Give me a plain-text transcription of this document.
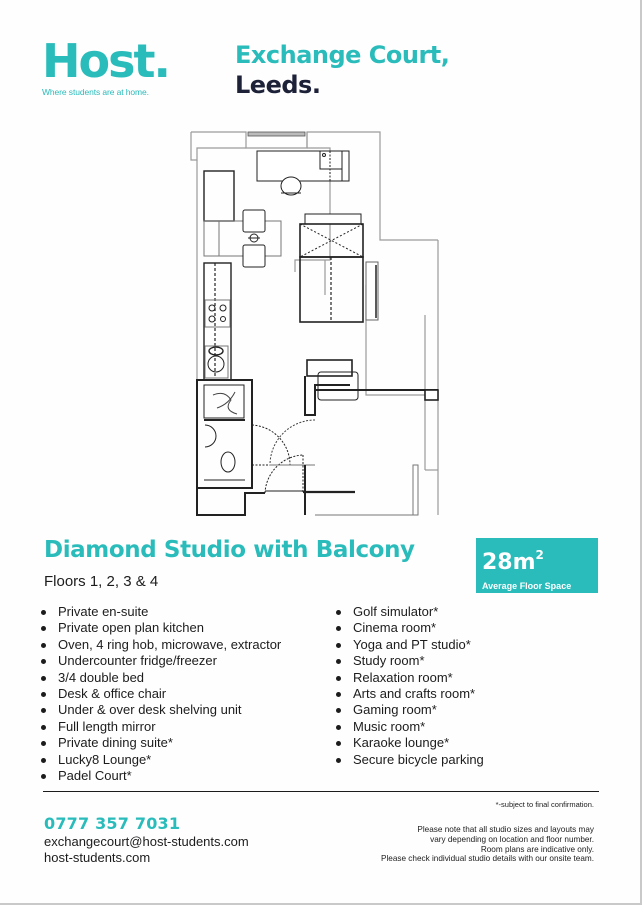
Host.
Where students are at home.
Exchange Court,
Leeds.
Diamond Studio with Balcony
Floors 1, 2, 3 & 4
$28m^2$
Average Floor Space
Private en-suite
Private open plan kitchen
Oven, 4 ring hob, microwave, extractor
Undercounter fridge/freezer
3/4 double bed
Desk & office chair
Under & over desk shelving unit
Full length mirror
Private dining suite*
Lucky8 Lounge*
Padel Court*
Golf simulator*
Cinema room*
Yoga and PT studio*
Study room*
Relaxation room*
Arts and crafts room*
Gaming room*
Music room*
Karaoke lounge*
Secure bicycle parking
*-subject to final confirmation.
Please note that all studio sizes and layouts may
vary depending on location and floor number.
Room plans are indicative only.
Please check individual studio details with our onsite team.
0777 357 7031
exchangecourt@host-students.com
host-students.com
